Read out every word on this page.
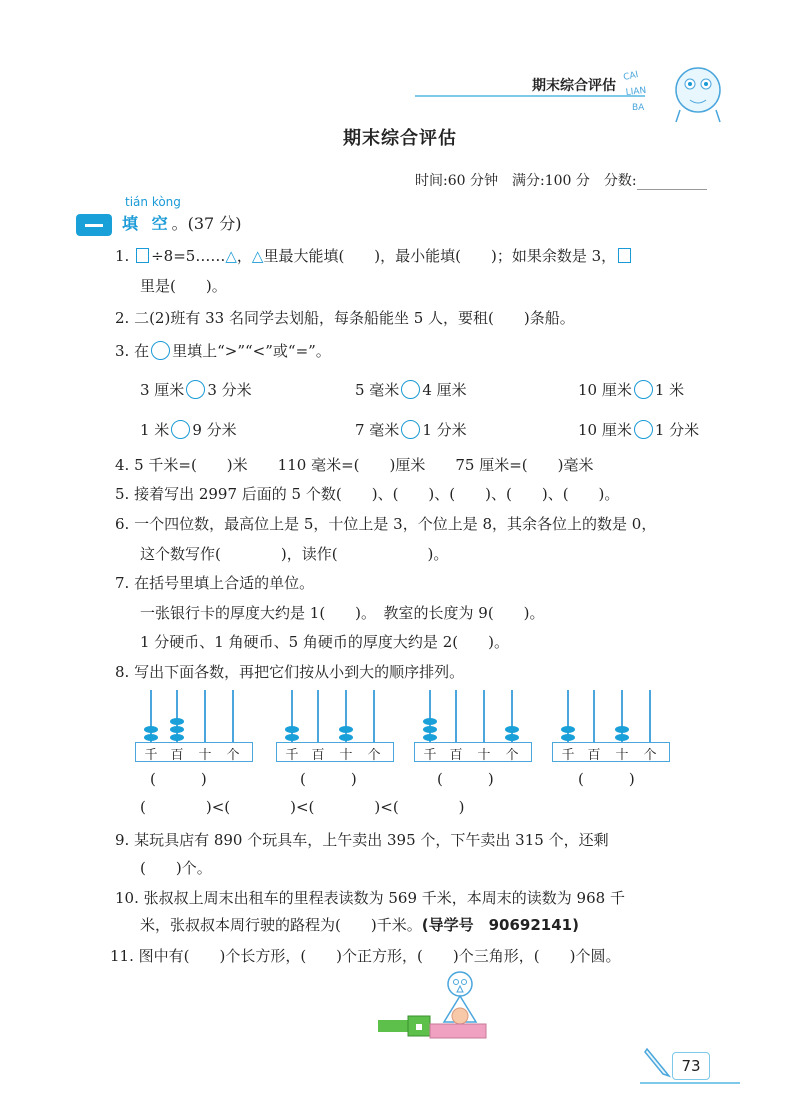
期末综合评估
CAI
LIAN
BA
期末综合评估
时间:60 分钟　满分:100 分　分数:
tián kòng
填 空。(37 分)
1. ÷8=5……△，△里最大能填(　　)，最小能填(　　)；如果余数是 3，
里是(　　)。
2. 二(2)班有 33 名同学去划船，每条船能坐 5 人，要租(　　)条船。
3. 在 里填上“>”“<”或“=”。
3 厘米 3 分米	5 毫米 4 厘米	10 厘米 1 米
1 米 9 分米	7 毫米 1 分米	10 厘米 1 分米
4. 5 千米=(　　)米　　110 毫米=(　　)厘米　　75 厘米=(　　)毫米
5. 接着写出 2997 后面的 5 个数(　　)、(　　)、(　　)、(　　)、(　　)。
6. 一个四位数，最高位上是 5，十位上是 3，个位上是 8，其余各位上的数是 0，
这个数写作(　　　　)，读作(　　　　　　)。
7. 在括号里填上合适的单位。
一张银行卡的厚度大约是 1(　　)。　教室的长度为 9(　　)。
1 分硬币、1 角硬币、5 角硬币的厚度大约是 2(　　)。
8. 写出下面各数，再把它们按从小到大的顺序排列。
千 百 十 个	千 百 十 个	千 百 十 个	千 百 十 个
(　　　)	(　　　)	(　　　)	(　　　)
(　　　　)<(　　　　)<(　　　　)<(　　　　)
9. 某玩具店有 890 个玩具车，上午卖出 395 个，下午卖出 315 个，还剩
(　　)个。
10. 张叔叔上周末出租车的里程表读数为 569 千米，本周末的读数为 968 千
米，张叔叔本周行驶的路程为(　　)千米。(导学号　90692141)
11. 图中有(　　)个长方形，(　　)个正方形，(　　)个三角形，(　　)个圆。
73
